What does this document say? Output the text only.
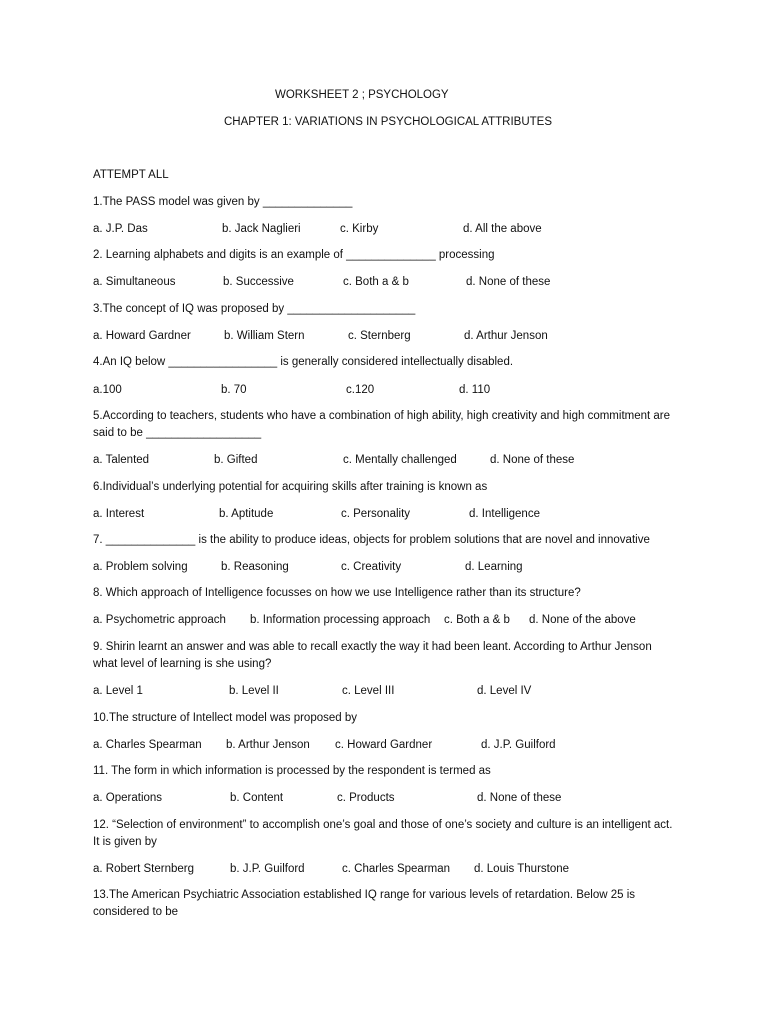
WORKSHEET 2 ; PSYCHOLOGY
CHAPTER 1: VARIATIONS IN PSYCHOLOGICAL ATTRIBUTES
ATTEMPT ALL
1.The PASS model was given by ______________
a. J.P. Das	b. Jack Naglieri	c. Kirby	d. All the above
2. Learning alphabets and digits is an example of ______________ processing
a. Simultaneous	b. Successive	c. Both a & b	d. None of these
3.The concept of IQ was proposed by ____________________
a. Howard Gardner	b. William Stern	c. Sternberg	d. Arthur Jenson
4.An IQ below _________________ is generally considered intellectually disabled.
a.100	b. 70	c.120	d. 110
5.According to teachers, students who have a combination of high ability, high creativity and high commitment are said to be __________________
a. Talented	b. Gifted	c. Mentally challenged	d. None of these
6.Individual’s underlying potential for acquiring skills after training is known as
a. Interest	b. Aptitude	c. Personality	d. Intelligence
7. ______________ is the ability to produce ideas, objects for problem solutions that are novel and innovative
a. Problem solving	b. Reasoning	c. Creativity	d. Learning
8. Which approach of Intelligence focusses on how we use Intelligence rather than its structure?
a. Psychometric approach b. Information processing approach c. Both a & b d. None of the above
9. Shirin learnt an answer and was able to recall exactly the way it had been leant. According to Arthur Jenson what level of learning is she using?
a. Level 1	b. Level II	c. Level III	d. Level IV
10.The structure of Intellect model was proposed by
a. Charles Spearman b. Arthur Jenson c. Howard Gardner	d. J.P. Guilford
11. The form in which information is processed by the respondent is termed as
a. Operations	b. Content	c. Products	d. None of these
12. “Selection of environment” to accomplish one’s goal and those of one’s society and culture is an intelligent act. It is given by
a. Robert Sternberg	b. J.P. Guilford	c. Charles Spearman d. Louis Thurstone
13.The American Psychiatric Association established IQ range for various levels of retardation. Below 25 is considered to be
